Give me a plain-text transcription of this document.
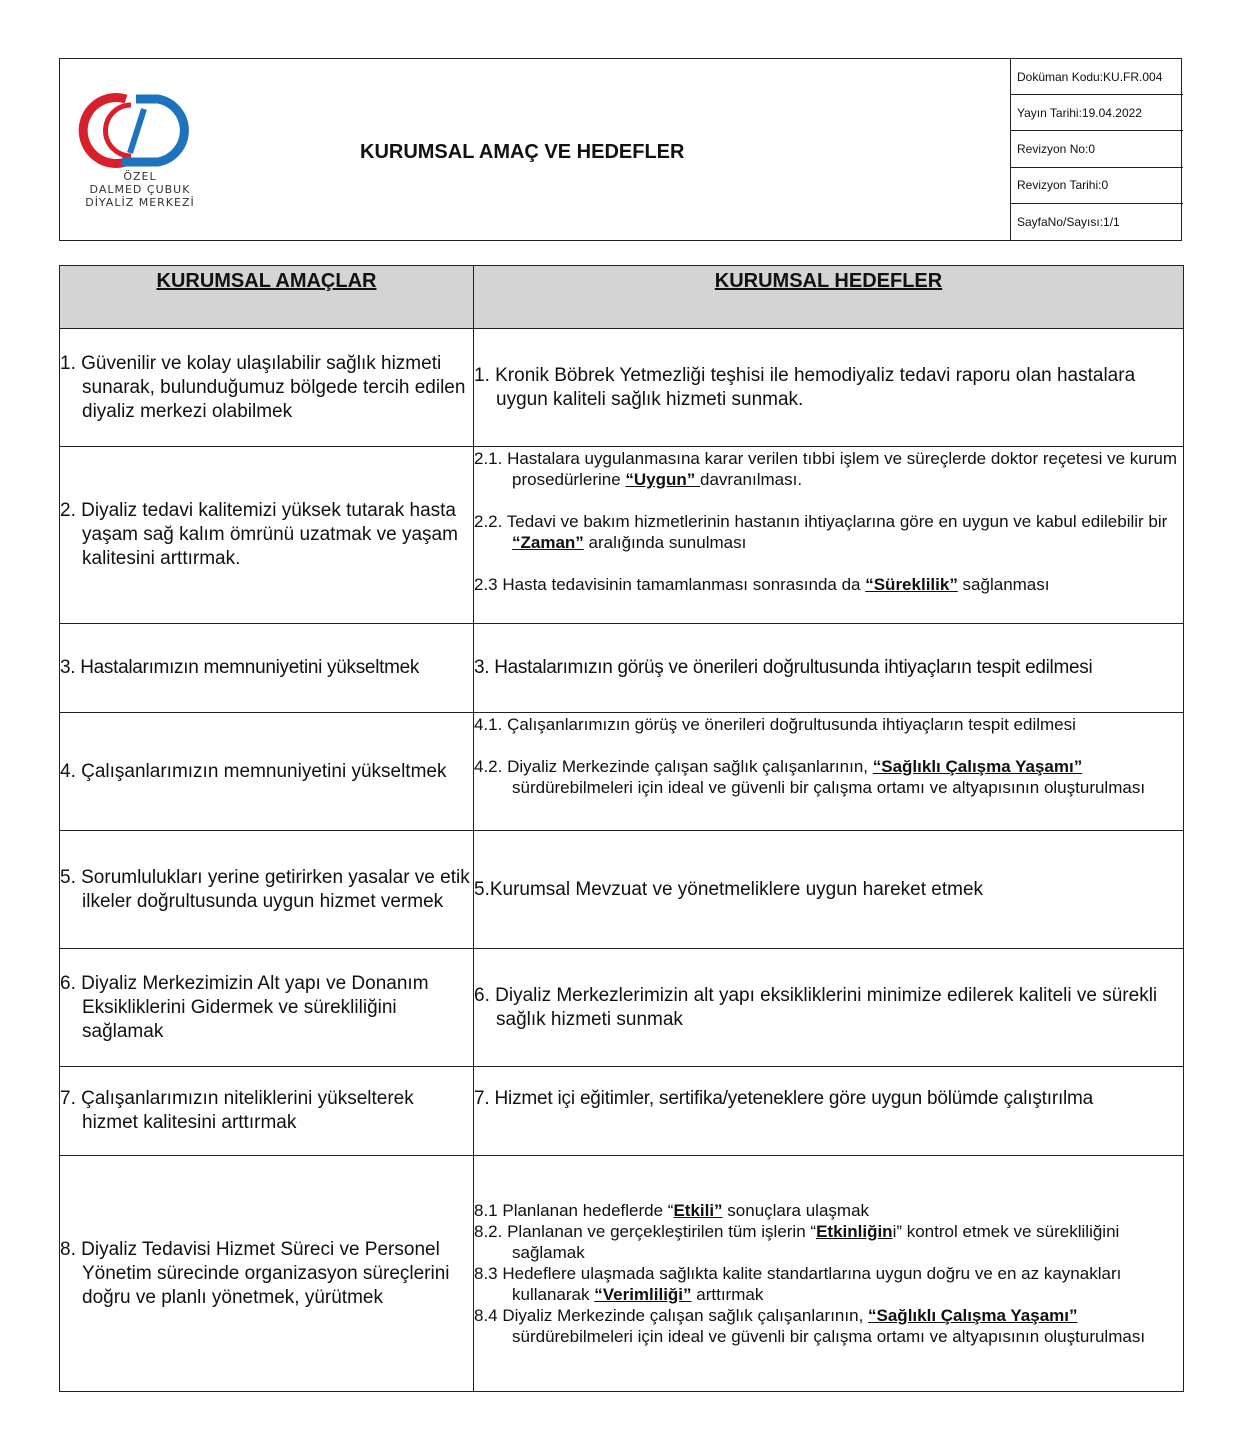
ÖZEL
DALMED ÇUBUK
DİYALİZ MERKEZİ
KURUMSAL AMAÇ VE HEDEFLER
Doküman Kodu:KU.FR.004
Yayın Tarihi:19.04.2022
Revizyon No:0
Revizyon Tarihi:0
SayfaNo/Sayısı:1/1
KURUMSAL AMAÇLAR	KURUMSAL HEDEFLER

1. Güvenilir ve kolay ulaşılabilir sağlık hizmeti sunarak, bulunduğumuz bölgede tercih edilen diyaliz merkezi olabilmek	1. Kronik Böbrek Yetmezliği teşhisi ile hemodiyaliz tedavi raporu olan hastalara uygun kaliteli sağlık hizmeti sunmak.

2. Diyaliz tedavi kalitemizi yüksek tutarak hasta yaşam sağ kalım ömrünü uzatmak ve yaşam kalitesini arttırmak.	2.1. Hastalara uygulanmasına karar verilen tıbbi işlem ve süreçlerde doktor reçetesi ve kurum prosedürlerine “Uygun” davranılması.
2.2. Tedavi ve bakım hizmetlerinin hastanın ihtiyaçlarına göre en uygun ve kabul edilebilir bir “Zaman” aralığında sunulması
2.3 Hasta tedavisinin tamamlanması sonrasında da “Süreklilik” sağlanması

3. Hastalarımızın memnuniyetini yükseltmek	3. Hastalarımızın görüş ve önerileri doğrultusunda ihtiyaçların tespit edilmesi

4. Çalışanlarımızın memnuniyetini yükseltmek	4.1. Çalışanlarımızın görüş ve önerileri doğrultusunda ihtiyaçların tespit edilmesi
4.2. Diyaliz Merkezinde çalışan sağlık çalışanlarının, “Sağlıklı Çalışma Yaşamı” sürdürebilmeleri için ideal ve güvenli bir çalışma ortamı ve altyapısının oluşturulması

5. Sorumlulukları yerine getirirken yasalar ve etik ilkeler doğrultusunda uygun hizmet vermek	5.Kurumsal Mevzuat ve yönetmeliklere uygun hareket etmek

6. Diyaliz Merkezimizin Alt yapı ve Donanım Eksikliklerini Gidermek ve sürekliliğini sağlamak	6. Diyaliz Merkezlerimizin alt yapı eksikliklerini minimize edilerek kaliteli ve sürekli sağlık hizmeti sunmak

7. Çalışanlarımızın niteliklerini yükselterek hizmet kalitesini arttırmak	7. Hizmet içi eğitimler, sertifika/yeteneklere göre uygun bölümde çalıştırılma

8. Diyaliz Tedavisi Hizmet Süreci ve Personel Yönetim sürecinde organizasyon süreçlerini doğru ve planlı yönetmek, yürütmek	8.1 Planlanan hedeflerde “Etkili” sonuçlara ulaşmak
8.2. Planlanan ve gerçekleştirilen tüm işlerin “Etkinliğini” kontrol etmek ve sürekliliğini sağlamak
8.3 Hedeflere ulaşmada sağlıkta kalite standartlarına uygun doğru ve en az kaynakları kullanarak “Verimliliği” arttırmak
8.4 Diyaliz Merkezinde çalışan sağlık çalışanlarının, “Sağlıklı Çalışma Yaşamı” sürdürebilmeleri için ideal ve güvenli bir çalışma ortamı ve altyapısının oluşturulması
